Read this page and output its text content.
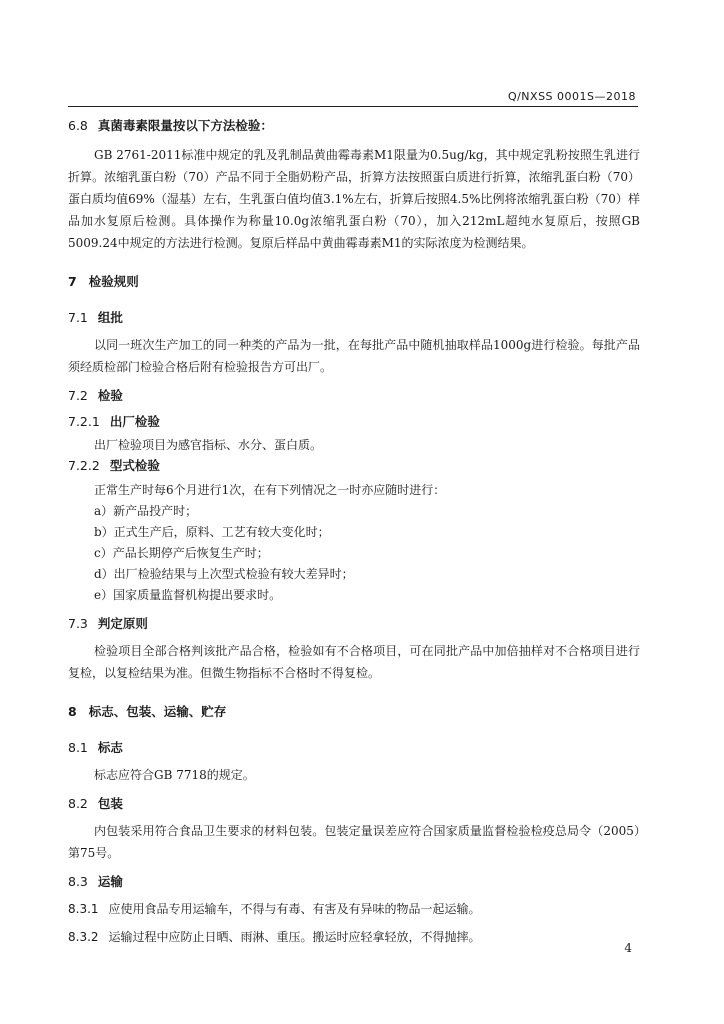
Q/NXSS 0001S—2018

6.8 真菌毒素限量按以下方法检验：

GB 2761-2011标准中规定的乳及乳制品黄曲霉毒素M1限量为0.5ug/kg，其中规定乳粉按照生乳进行折算。浓缩乳蛋白粉（70）产品不同于全脂奶粉产品，折算方法按照蛋白质进行折算，浓缩乳蛋白粉（70）蛋白质均值69%（湿基）左右，生乳蛋白值均值3.1%左右，折算后按照4.5%比例将浓缩乳蛋白粉（70）样品加水复原后检测。具体操作为称量10.0g浓缩乳蛋白粉（70），加入212mL超纯水复原后，按照GB 5009.24中规定的方法进行检测。复原后样品中黄曲霉毒素M1的实际浓度为检测结果。

7 检验规则

7.1 组批

以同一班次生产加工的同一种类的产品为一批，在每批产品中随机抽取样品1000g进行检验。每批产品须经质检部门检验合格后附有检验报告方可出厂。

7.2 检验

7.2.1 出厂检验

出厂检验项目为感官指标、水分、蛋白质。

7.2.2 型式检验

正常生产时每6个月进行1次，在有下列情况之一时亦应随时进行：

a）新产品投产时；

b）正式生产后，原料、工艺有较大变化时；

c）产品长期停产后恢复生产时；

d）出厂检验结果与上次型式检验有较大差异时；

e）国家质量监督机构提出要求时。

7.3 判定原则

检验项目全部合格判该批产品合格，检验如有不合格项目，可在同批产品中加倍抽样对不合格项目进行复检，以复检结果为准。但微生物指标不合格时不得复检。

8 标志、包装、运输、贮存

8.1 标志

标志应符合GB 7718的规定。

8.2 包装

内包装采用符合食品卫生要求的材料包装。包装定量误差应符合国家质量监督检验检疫总局令（2005）第75号。

8.3 运输

8.3.1 应使用食品专用运输车，不得与有毒、有害及有异味的物品一起运输。

8.3.2 运输过程中应防止日晒、雨淋、重压。搬运时应轻拿轻放，不得抛摔。

4
